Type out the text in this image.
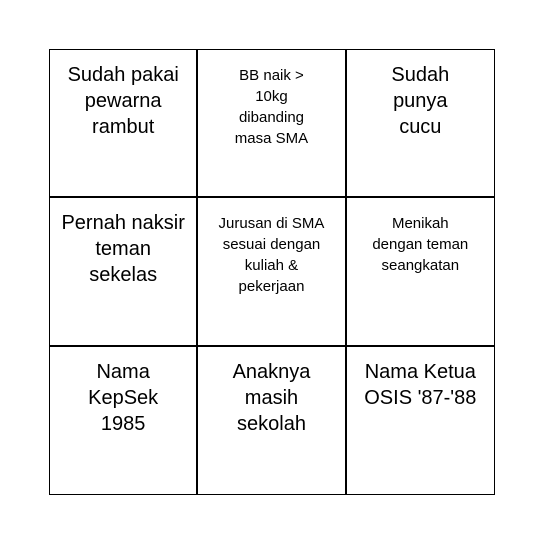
Sudah pakai pewarna rambut
BB naik > 10kg dibanding masa SMA
Sudah punya cucu
Pernah naksir teman sekelas
Jurusan di SMA sesuai dengan kuliah & pekerjaan
Menikah dengan teman seangkatan
Nama KepSek 1985
Anaknya masih sekolah
Nama Ketua OSIS '87-'88
